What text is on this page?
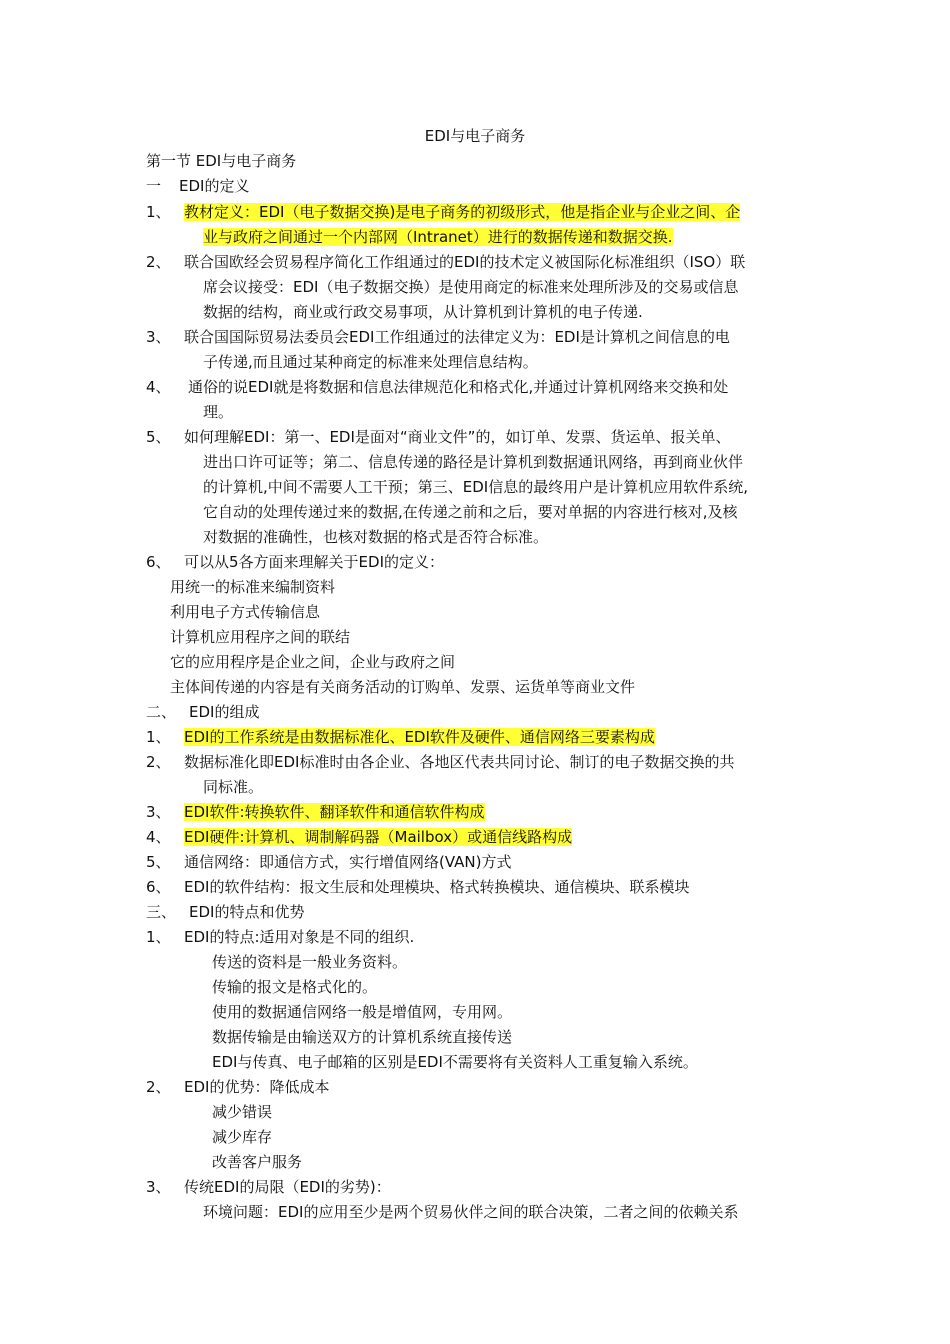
EDI与电子商务
第一节 EDI与电子商务
一 EDI的定义
1、 教材定义：EDI（电子数据交换)是电子商务的初级形式，他是指企业与企业之间、企
业与政府之间通过一个内部网（Intranet）进行的数据传递和数据交换.
2、 联合国欧经会贸易程序简化工作组通过的EDI的技术定义被国际化标准组织（ISO）联
席会议接受：EDI（电子数据交换）是使用商定的标准来处理所涉及的交易或信息
数据的结构，商业或行政交易事项，从计算机到计算机的电子传递.
3、 联合国国际贸易法委员会EDI工作组通过的法律定义为：EDI是计算机之间信息的电
子传递,而且通过某种商定的标准来处理信息结构。
4、 通俗的说EDI就是将数据和信息法律规范化和格式化,并通过计算机网络来交换和处
理。
5、 如何理解EDI：第一、EDI是面对“商业文件”的，如订单、发票、货运单、报关单、
进出口许可证等；第二、信息传递的路径是计算机到数据通讯网络，再到商业伙伴
的计算机,中间不需要人工干预；第三、EDI信息的最终用户是计算机应用软件系统,
它自动的处理传递过来的数据,在传递之前和之后，要对单据的内容进行核对,及核
对数据的准确性，也核对数据的格式是否符合标准。
6、 可以从5各方面来理解关于EDI的定义：
用统一的标准来编制资料
利用电子方式传输信息
计算机应用程序之间的联结
它的应用程序是企业之间，企业与政府之间
主体间传递的内容是有关商务活动的订购单、发票、运货单等商业文件
二、 EDI的组成
1、 EDI的工作系统是由数据标准化、EDI软件及硬件、通信网络三要素构成
2、 数据标准化即EDI标准时由各企业、各地区代表共同讨论、制订的电子数据交换的共
同标准。
3、 EDI软件:转换软件、翻译软件和通信软件构成
4、 EDI硬件:计算机、调制解码器（Mailbox）或通信线路构成
5、 通信网络：即通信方式，实行增值网络(VAN)方式
6、 EDI的软件结构：报文生辰和处理模块、格式转换模块、通信模块、联系模块
三、 EDI的特点和优势
1、 EDI的特点:适用对象是不同的组织.
传送的资料是一般业务资料。
传输的报文是格式化的。
使用的数据通信网络一般是增值网，专用网。
数据传输是由输送双方的计算机系统直接传送
EDI与传真、电子邮箱的区别是EDI不需要将有关资料人工重复输入系统。
2、 EDI的优势：降低成本
减少错误
减少库存
改善客户服务
3、 传统EDI的局限（EDI的劣势)：
环境问题：EDI的应用至少是两个贸易伙伴之间的联合决策，二者之间的依赖关系
